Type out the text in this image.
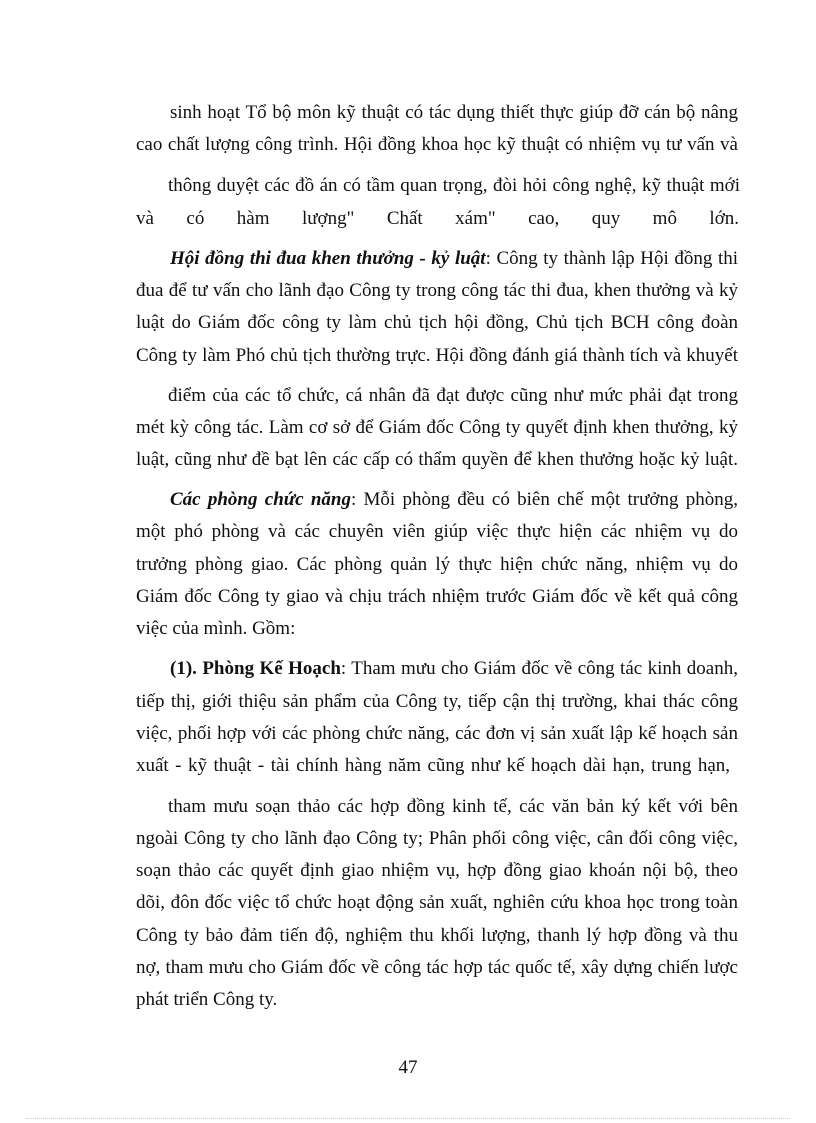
sinh hoạt Tổ bộ môn kỹ thuật có tác dụng thiết thực giúp đỡ cán bộ nâng
cao chất lượng công trình. Hội đồng khoa học kỹ thuật có nhiệm vụ tư vấn và
thông duyệt các đồ án có tầm quan trọng, đòi hỏi công nghệ, kỹ thuật mới
và có hàm lượng" Chất xám" cao, quy mô lớn.
Hội đồng thi đua khen thưởng - kỷ luật: Công ty thành lập Hội đồng thi
đua để tư vấn cho lãnh đạo Công ty trong công tác thi đua, khen thưởng và kỷ
luật do Giám đốc công ty làm chủ tịch hội đồng, Chủ tịch BCH công đoàn
Công ty làm Phó chủ tịch thường trực. Hội đồng đánh giá thành tích và khuyết
điểm của các tổ chức, cá nhân đã đạt được cũng như mức phải đạt trong
mét kỳ công tác. Làm cơ sở để Giám đốc Công ty quyết định khen thưởng, kỷ
luật, cũng như đề bạt lên các cấp có thẩm quyền để khen thưởng hoặc kỷ luật.
Các phòng chức năng: Mỗi phòng đều có biên chế một trưởng phòng,
một phó phòng và các chuyên viên giúp việc thực hiện các nhiệm vụ do
trưởng phòng giao. Các phòng quản lý thực hiện chức năng, nhiệm vụ do
Giám đốc Công ty giao và chịu trách nhiệm trước Giám đốc về kết quả công
việc của mình. Gồm:
(1). Phòng Kế Hoạch: Tham mưu cho Giám đốc về công tác kinh doanh,
tiếp thị, giới thiệu sản phẩm của Công ty, tiếp cận thị trường, khai thác công
việc, phối hợp với các phòng chức năng, các đơn vị sản xuất lập kế hoạch sản
xuất - kỹ thuật - tài chính hàng năm cũng như kế hoạch dài hạn, trung hạn,
tham mưu soạn thảo các hợp đồng kinh tế, các văn bản ký kết với bên
ngoài Công ty cho lãnh đạo Công ty; Phân phối công việc, cân đối công việc,
soạn thảo các quyết định giao nhiệm vụ, hợp đồng giao khoán nội bộ, theo
dõi, đôn đốc việc tổ chức hoạt động sản xuất, nghiên cứu khoa học trong toàn
Công ty bảo đảm tiến độ, nghiệm thu khối lượng, thanh lý hợp đồng và thu
nợ, tham mưu cho Giám đốc về công tác hợp tác quốc tế, xây dựng chiến lược
phát triển Công ty.
47
